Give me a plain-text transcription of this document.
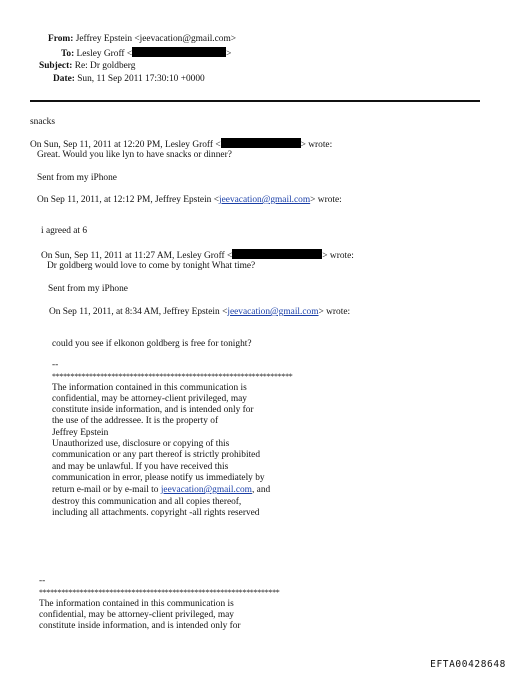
From: Jeffrey Epstein <jeevacation@gmail.com>
To: Lesley Groff <	>
Subject: Re: Dr goldberg
Date: Sun, 11 Sep 2011 17:30:10 +0000
snacks
On Sun, Sep 11, 2011 at 12:20 PM, Lesley Groff <	> wrote:
Great. Would you like lyn to have snacks or dinner?
Sent from my iPhone
On Sep 11, 2011, at 12:12 PM, Jeffrey Epstein <jeevacation@gmail.com> wrote:
i agreed at 6
On Sun, Sep 11, 2011 at 11:27 AM, Lesley Groff <	> wrote:
Dr goldberg would love to come by tonight What time?
Sent from my iPhone
On Sep 11, 2011, at 8:34 AM, Jeffrey Epstein <jeevacation@gmail.com> wrote:
could you see if elkonon goldberg is free for tonight?
--
*****************************************************************
The information contained in this communication is
confidential, may be attorney-client privileged, may
constitute inside information, and is intended only for
the use of the addressee. It is the property of
Jeffrey Epstein
Unauthorized use, disclosure or copying of this
communication or any part thereof is strictly prohibited
and may be unlawful. If you have received this
communication in error, please notify us immediately by
return e-mail or by e-mail to jeevacation@gmail.com, and
destroy this communication and all copies thereof,
including all attachments. copyright -all rights reserved
--
*****************************************************************
The information contained in this communication is
confidential, may be attorney-client privileged, may
constitute inside information, and is intended only for
EFTA00428648
